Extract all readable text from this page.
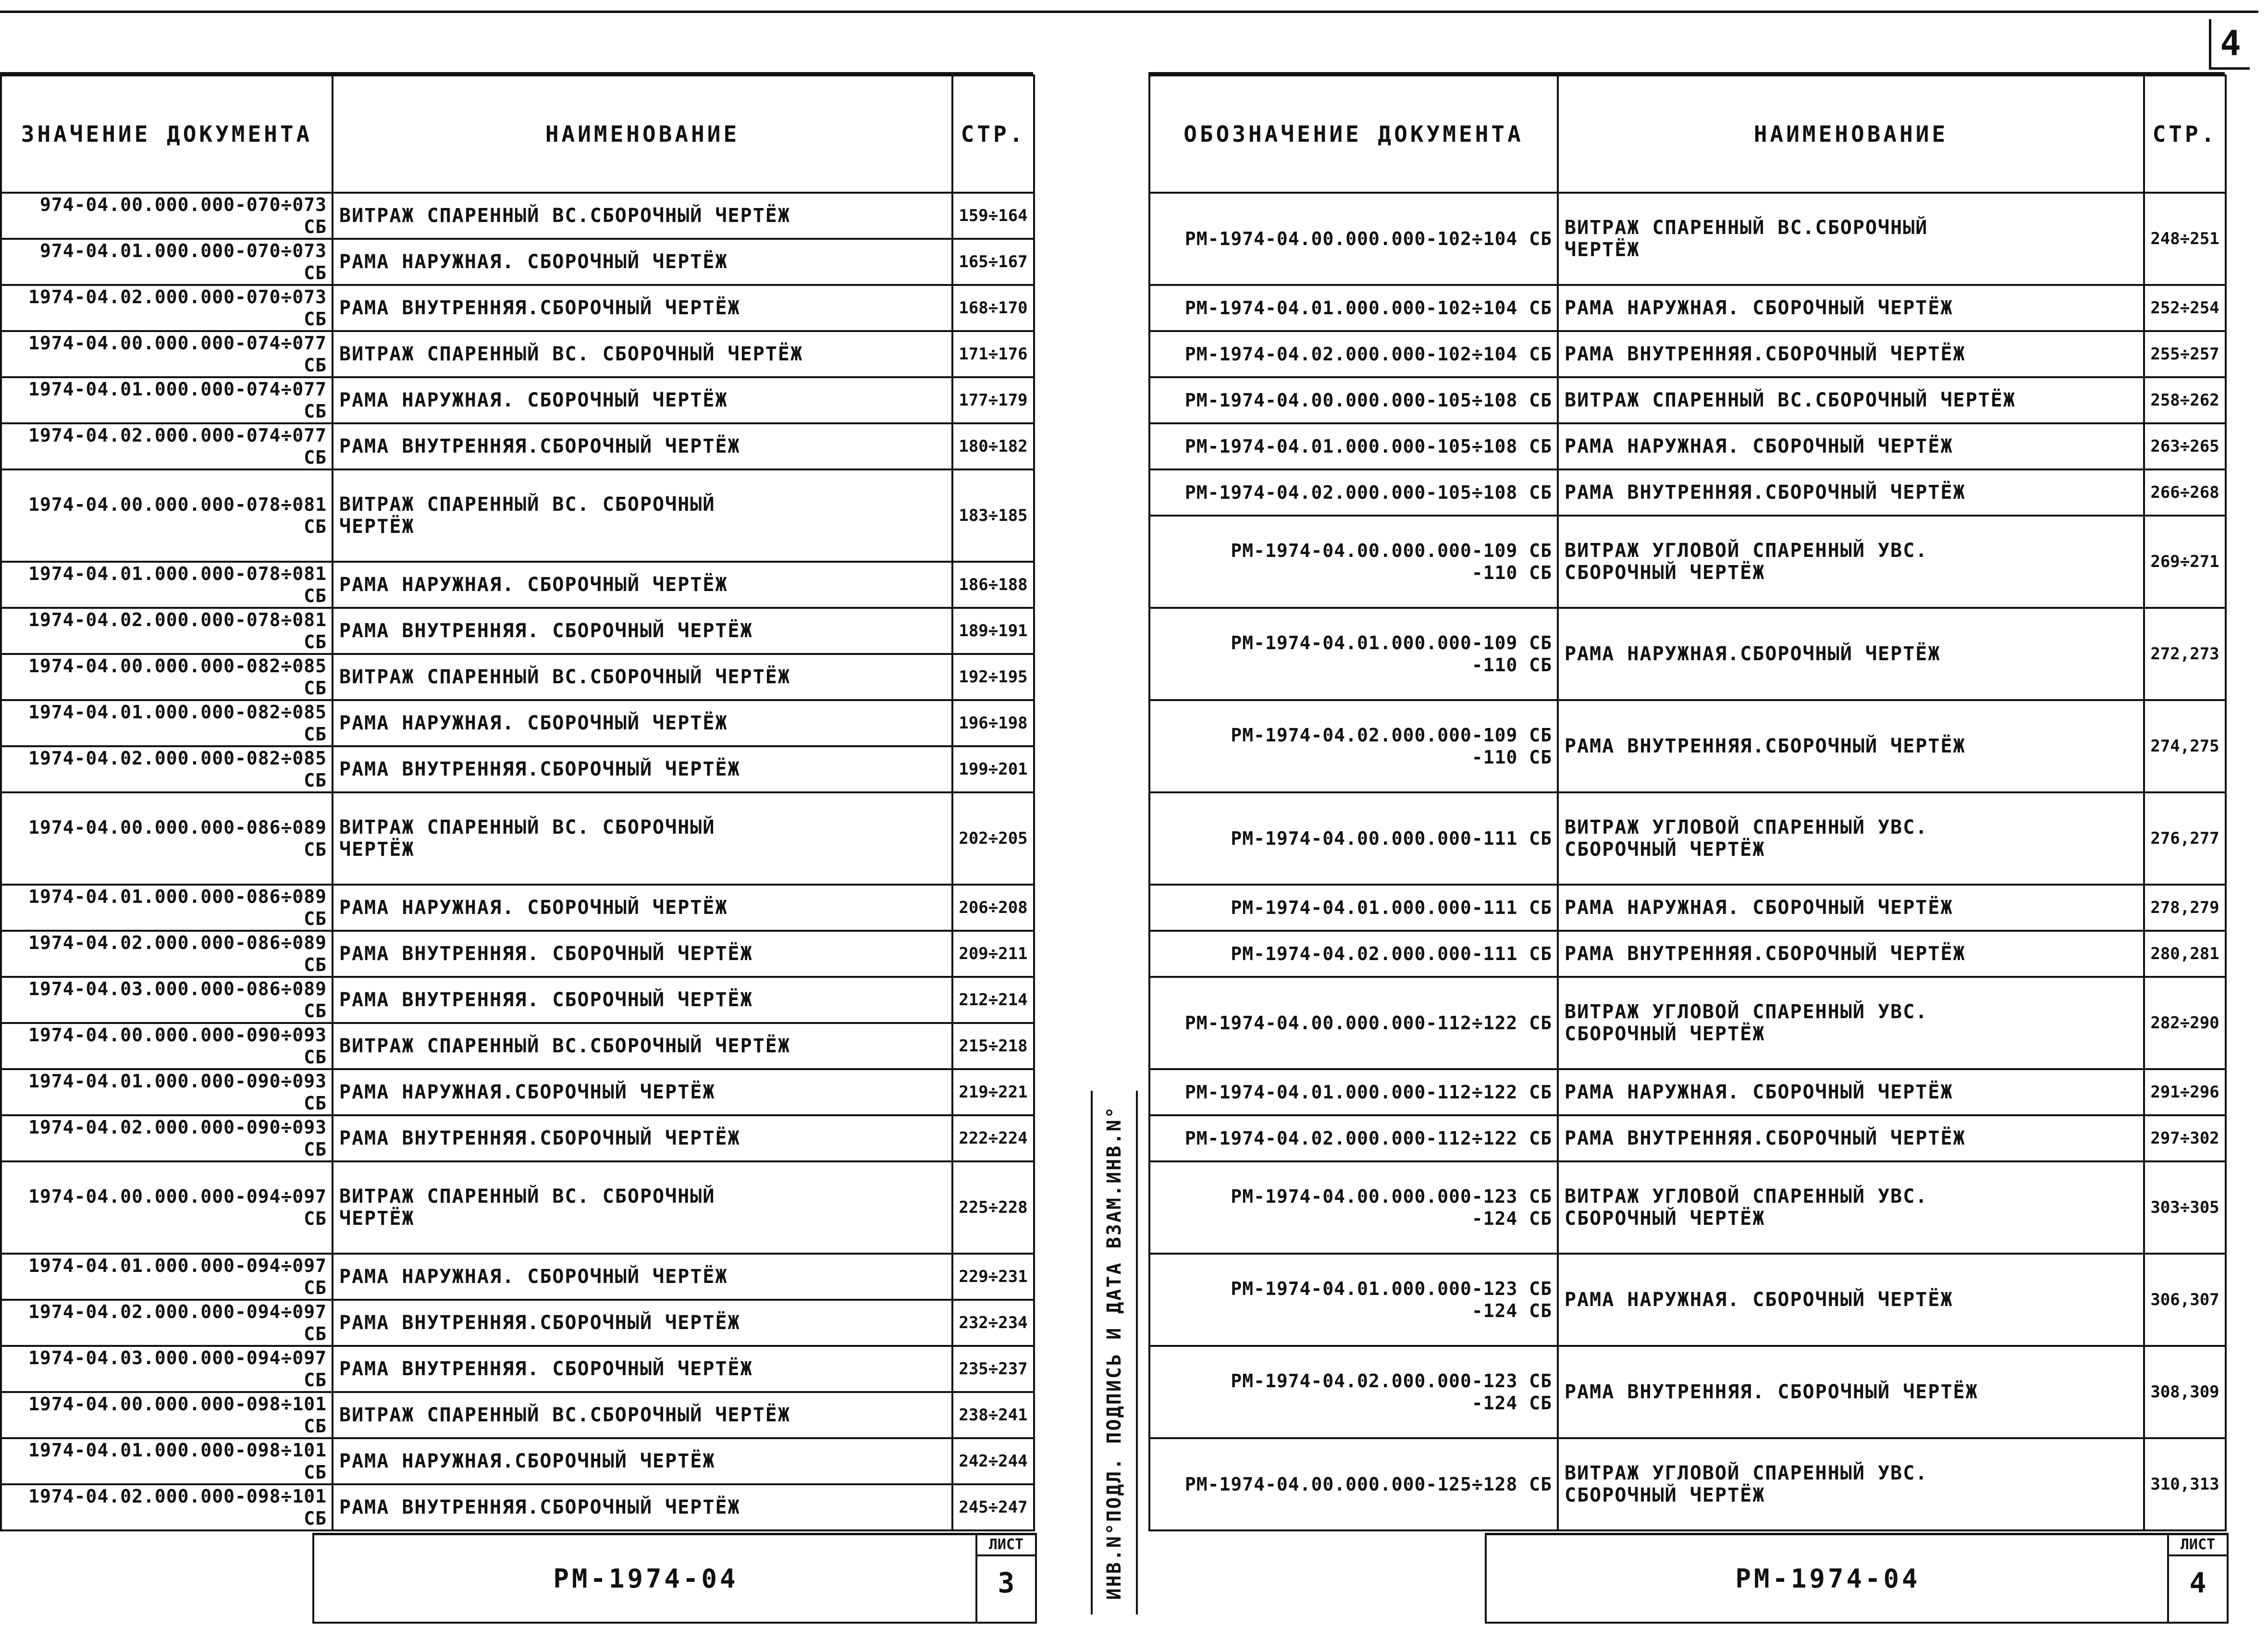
4
ЗНАЧЕНИЕ ДОКУМЕНТА	НАИМЕНОВАНИЕ	СТР.
974-04.00.000.000-070÷073 СБ	ВИТРАЖ СПАРЕННЫЙ ВС.СБОРОЧНЫЙ ЧЕРТЁЖ	159÷164
974-04.01.000.000-070÷073 СБ	РАМА НАРУЖНАЯ. СБОРОЧНЫЙ ЧЕРТЁЖ	165÷167
1974-04.02.000.000-070÷073 СБ	РАМА ВНУТРЕННЯЯ.СБОРОЧНЫЙ ЧЕРТЁЖ	168÷170
1974-04.00.000.000-074÷077 СБ	ВИТРАЖ СПАРЕННЫЙ ВС. СБОРОЧНЫЙ ЧЕРТЁЖ	171÷176
1974-04.01.000.000-074÷077 СБ	РАМА НАРУЖНАЯ. СБОРОЧНЫЙ ЧЕРТЁЖ	177÷179
1974-04.02.000.000-074÷077 СБ	РАМА ВНУТРЕННЯЯ.СБОРОЧНЫЙ ЧЕРТЁЖ	180÷182
1974-04.00.000.000-078÷081 СБ	ВИТРАЖ СПАРЕННЫЙ ВС. СБОРОЧНЫЙ
ЧЕРТЁЖ	183÷185
1974-04.01.000.000-078÷081 СБ	РАМА НАРУЖНАЯ. СБОРОЧНЫЙ ЧЕРТЁЖ	186÷188
1974-04.02.000.000-078÷081 СБ	РАМА ВНУТРЕННЯЯ. СБОРОЧНЫЙ ЧЕРТЁЖ	189÷191
1974-04.00.000.000-082÷085 СБ	ВИТРАЖ СПАРЕННЫЙ ВС.СБОРОЧНЫЙ ЧЕРТЁЖ	192÷195
1974-04.01.000.000-082÷085 СБ	РАМА НАРУЖНАЯ. СБОРОЧНЫЙ ЧЕРТЁЖ	196÷198
1974-04.02.000.000-082÷085 СБ	РАМА ВНУТРЕННЯЯ.СБОРОЧНЫЙ ЧЕРТЁЖ	199÷201
1974-04.00.000.000-086÷089 СБ	ВИТРАЖ СПАРЕННЫЙ ВС. СБОРОЧНЫЙ
ЧЕРТЁЖ	202÷205
1974-04.01.000.000-086÷089 СБ	РАМА НАРУЖНАЯ. СБОРОЧНЫЙ ЧЕРТЁЖ	206÷208
1974-04.02.000.000-086÷089 СБ	РАМА ВНУТРЕННЯЯ. СБОРОЧНЫЙ ЧЕРТЁЖ	209÷211
1974-04.03.000.000-086÷089 СБ	РАМА ВНУТРЕННЯЯ. СБОРОЧНЫЙ ЧЕРТЁЖ	212÷214
1974-04.00.000.000-090÷093 СБ	ВИТРАЖ СПАРЕННЫЙ ВС.СБОРОЧНЫЙ ЧЕРТЁЖ	215÷218
1974-04.01.000.000-090÷093 СБ	РАМА НАРУЖНАЯ.СБОРОЧНЫЙ ЧЕРТЁЖ	219÷221
1974-04.02.000.000-090÷093 СБ	РАМА ВНУТРЕННЯЯ.СБОРОЧНЫЙ ЧЕРТЁЖ	222÷224
1974-04.00.000.000-094÷097 СБ	ВИТРАЖ СПАРЕННЫЙ ВС. СБОРОЧНЫЙ
ЧЕРТЁЖ	225÷228
1974-04.01.000.000-094÷097 СБ	РАМА НАРУЖНАЯ. СБОРОЧНЫЙ ЧЕРТЁЖ	229÷231
1974-04.02.000.000-094÷097 СБ	РАМА ВНУТРЕННЯЯ.СБОРОЧНЫЙ ЧЕРТЁЖ	232÷234
1974-04.03.000.000-094÷097 СБ	РАМА ВНУТРЕННЯЯ. СБОРОЧНЫЙ ЧЕРТЁЖ	235÷237
1974-04.00.000.000-098÷101 СБ	ВИТРАЖ СПАРЕННЫЙ ВС.СБОРОЧНЫЙ ЧЕРТЁЖ	238÷241
1974-04.01.000.000-098÷101 СБ	РАМА НАРУЖНАЯ.СБОРОЧНЫЙ ЧЕРТЁЖ	242÷244
1974-04.02.000.000-098÷101 СБ	РАМА ВНУТРЕННЯЯ.СБОРОЧНЫЙ ЧЕРТЁЖ	245÷247
РМ-1974-04
ЛИСТ
3	ИНВ.N°ПОДЛ. ПОДПИСЬ И ДАТА ВЗАМ.ИНВ.N°
ОБОЗНАЧЕНИЕ ДОКУМЕНТА	НАИМЕНОВАНИЕ	СТР.
РМ-1974-04.00.000.000-102÷104 СБ	ВИТРАЖ СПАРЕННЫЙ ВС.СБОРОЧНЫЙ
ЧЕРТЁЖ	248÷251
РМ-1974-04.01.000.000-102÷104 СБ	РАМА НАРУЖНАЯ. СБОРОЧНЫЙ ЧЕРТЁЖ	252÷254
РМ-1974-04.02.000.000-102÷104 СБ	РАМА ВНУТРЕННЯЯ.СБОРОЧНЫЙ ЧЕРТЁЖ	255÷257
РМ-1974-04.00.000.000-105÷108 СБ	ВИТРАЖ СПАРЕННЫЙ ВС.СБОРОЧНЫЙ ЧЕРТЁЖ	258÷262
РМ-1974-04.01.000.000-105÷108 СБ	РАМА НАРУЖНАЯ. СБОРОЧНЫЙ ЧЕРТЁЖ	263÷265
РМ-1974-04.02.000.000-105÷108 СБ	РАМА ВНУТРЕННЯЯ.СБОРОЧНЫЙ ЧЕРТЁЖ	266÷268
РМ-1974-04.00.000.000-109 СБ
-110 СБ	ВИТРАЖ УГЛОВОЙ СПАРЕННЫЙ УВС.
СБОРОЧНЫЙ ЧЕРТЁЖ	269÷271
РМ-1974-04.01.000.000-109 СБ
-110 СБ	РАМА НАРУЖНАЯ.СБОРОЧНЫЙ ЧЕРТЁЖ	272,273
РМ-1974-04.02.000.000-109 СБ
-110 СБ	РАМА ВНУТРЕННЯЯ.СБОРОЧНЫЙ ЧЕРТЁЖ	274,275
РМ-1974-04.00.000.000-111 СБ	ВИТРАЖ УГЛОВОЙ СПАРЕННЫЙ УВС.
СБОРОЧНЫЙ ЧЕРТЁЖ	276,277
РМ-1974-04.01.000.000-111 СБ	РАМА НАРУЖНАЯ. СБОРОЧНЫЙ ЧЕРТЁЖ	278,279
РМ-1974-04.02.000.000-111 СБ	РАМА ВНУТРЕННЯЯ.СБОРОЧНЫЙ ЧЕРТЁЖ	280,281
РМ-1974-04.00.000.000-112÷122 СБ	ВИТРАЖ УГЛОВОЙ СПАРЕННЫЙ УВС.
СБОРОЧНЫЙ ЧЕРТЁЖ	282÷290
РМ-1974-04.01.000.000-112÷122 СБ	РАМА НАРУЖНАЯ. СБОРОЧНЫЙ ЧЕРТЁЖ	291÷296
РМ-1974-04.02.000.000-112÷122 СБ	РАМА ВНУТРЕННЯЯ.СБОРОЧНЫЙ ЧЕРТЁЖ	297÷302
РМ-1974-04.00.000.000-123 СБ
-124 СБ	ВИТРАЖ УГЛОВОЙ СПАРЕННЫЙ УВС.
СБОРОЧНЫЙ ЧЕРТЁЖ	303÷305
РМ-1974-04.01.000.000-123 СБ
-124 СБ	РАМА НАРУЖНАЯ. СБОРОЧНЫЙ ЧЕРТЁЖ	306,307
РМ-1974-04.02.000.000-123 СБ
-124 СБ	РАМА ВНУТРЕННЯЯ. СБОРОЧНЫЙ ЧЕРТЁЖ	308,309
РМ-1974-04.00.000.000-125÷128 СБ	ВИТРАЖ УГЛОВОЙ СПАРЕННЫЙ УВС.
СБОРОЧНЫЙ ЧЕРТЁЖ	310,313
РМ-1974-04
ЛИСТ
4
